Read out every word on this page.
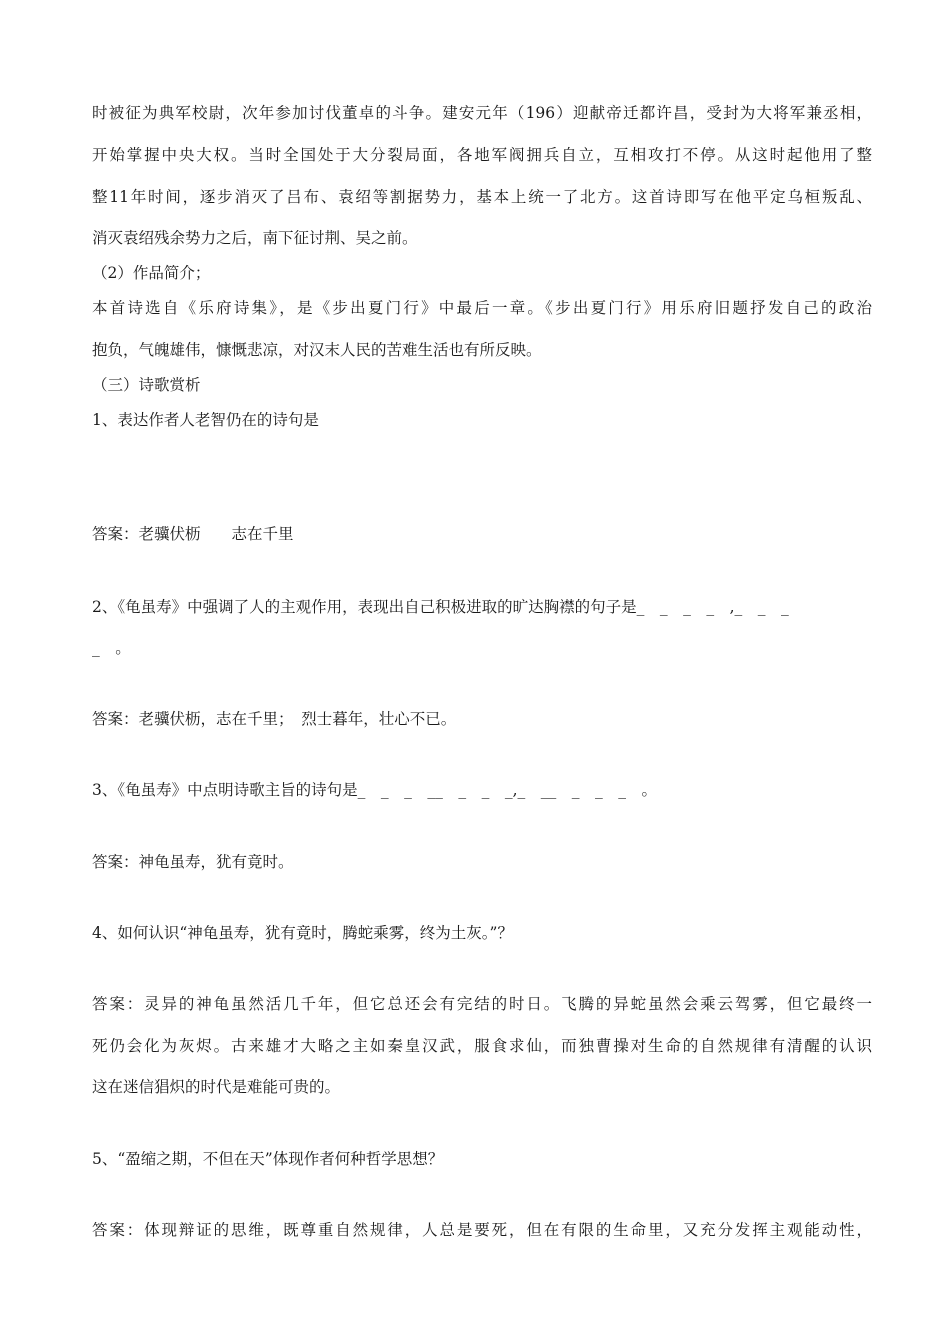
时被征为典军校尉，次年参加讨伐董卓的斗争。建安元年（196）迎献帝迁都许昌，受封为大将军兼丞相，
开始掌握中央大权。当时全国处于大分裂局面，各地军阀拥兵自立，互相攻打不停。从这时起他用了整
整11年时间，逐步消灭了吕布、袁绍等割据势力，基本上统一了北方。这首诗即写在他平定乌桓叛乱、
消灭袁绍残余势力之后，南下征讨荆、吴之前。
（2）作品简介；
本首诗选自《乐府诗集》，是《步出夏门行》中最后一章。《步出夏门行》用乐府旧题抒发自己的政治
抱负，气魄雄伟，慷慨悲凉，对汉末人民的苦难生活也有所反映。
（三）诗歌赏析
1、表达作者人老智仍在的诗句是
答案：老骥伏枥　　志在千里
2、《龟虽寿》中强调了人的主观作用，表现出自己积极进取的旷达胸襟的句子是_　_　_　_　,_　_　_
_　。
答案：老骥伏枥，志在千里；　烈士暮年，壮心不已。
3、《龟虽寿》中点明诗歌主旨的诗句是_　_　_　__　_　_　_,_　__　_　_　_　。
答案：神龟虽寿，犹有竟时。
4、如何认识“神龟虽寿，犹有竟时，腾蛇乘雾，终为土灰。”？
答案：灵异的神龟虽然活几千年，但它总还会有完结的时日。飞腾的异蛇虽然会乘云驾雾，但它最终一
死仍会化为灰烬。古来雄才大略之主如秦皇汉武，服食求仙，而独曹操对生命的自然规律有清醒的认识
这在迷信猖炽的时代是难能可贵的。
5、“盈缩之期，不但在天”体现作者何种哲学思想？
答案：体现辩证的思维，既尊重自然规律，人总是要死，但在有限的生命里，又充分发挥主观能动性，
